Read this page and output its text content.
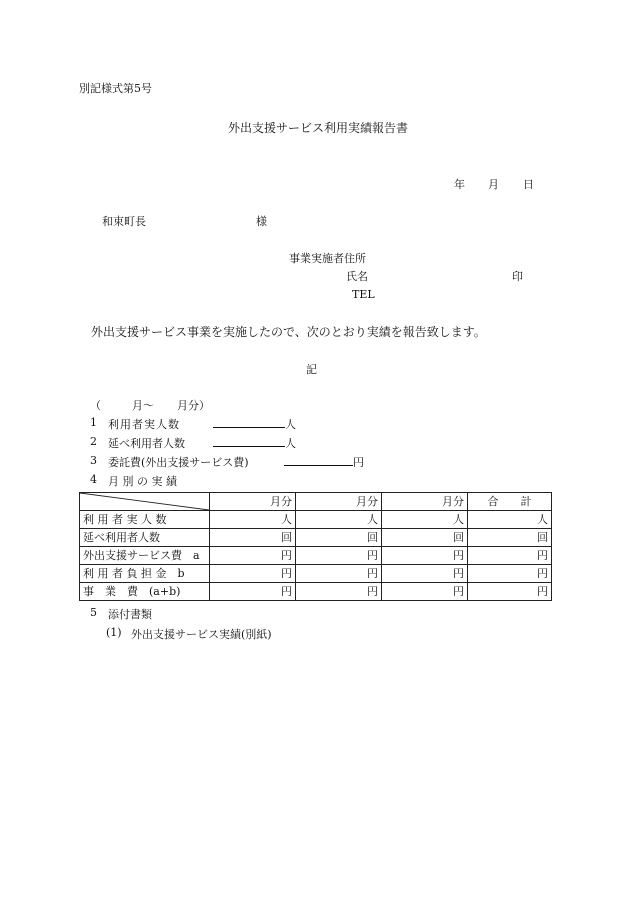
別記様式第5号
外出支援サービス利用実績報告書
年 月 日
和束町長	様
事業実施者住所
氏名	印
TEL
外出支援サービス事業を実施したので、次のとおり実績を報告致します。
記
（	月～ 月分）
1 利用者実人数	人
2 延べ利用者人数	人
3 委託費(外出支援サービス費)	円
4 月 別 の 実 績
	月分	月分	月分	合　　計
利 用 者 実 人 数	人	人	人	人
延べ利用者人数	回	回	回	回
外出支援サービス費　a	円	円	円	円
利 用 者 負 担 金　b	円	円	円	円
事　業　費　(a+b)	円	円	円	円
5 添付書類
(1) 外出支援サービス実績(別紙)
